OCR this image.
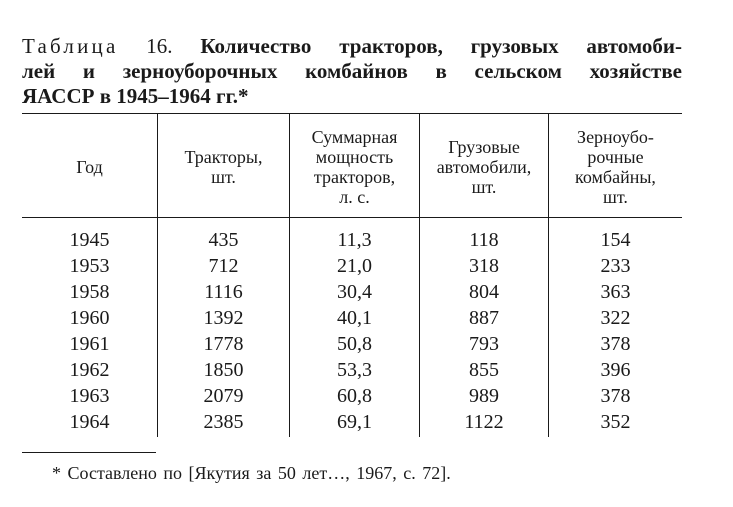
Таблица 16. Количество тракторов, грузовых автомоби-
лей и зерноуборочных комбайнов в сельском хозяйстве
ЯАССР в 1945–1964 гг.*
Год	Тракторы,
шт.
Суммарная
мощность
тракторов,
л. с.
Грузовые
автомобили,
шт.
Зерноубо-
рочные
комбайны,
шт.
1945
1953
1958
1960
1961
1962
1963
1964
435
712
1116
1392
1778
1850
2079
2385
11,3
21,0
30,4
40,1
50,8
53,3
60,8
69,1
118
318
804
887
793
855
989
1122
154
233
363
322
378
396
378
352
* Составлено по [Якутия за 50 лет…, 1967, с. 72].
